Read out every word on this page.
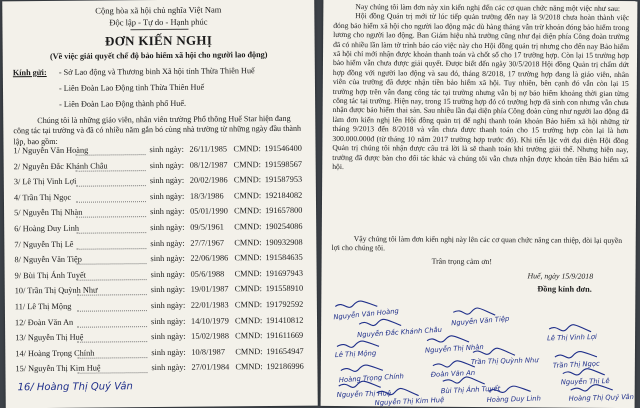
Cộng hòa xã hội chủ nghĩa Việt Nam
Độc lập - Tự do - Hạnh phúc
ĐƠN KIẾN NGHỊ
(Về việc giải quyết chế độ bảo hiểm xã hội cho người lao động)
Kính gửi: - Sở Lao động và Thương binh Xã hội tỉnh Thừa Thiên Huế
- Liên Đoàn Lao Động tỉnh Thừa Thiên Huế
- Liên Đoàn Lao Động thành phố Huế.
Chúng tôi là những giáo viên, nhân viên trường Phổ thông Huế Star hiện đang công tác tại trường và đã có nhiều năm gắn bó cùng nhà trường từ những ngày đầu thành lập, bao gồm:
1/ Nguyễn Văn Hoàng	sinh ngày: 26/11/1985 CMND: 191546400
2/ Nguyễn Đắc Khánh Châu	sinh ngày: 08/12/1987 CMND: 191598567
3/ Lê Thị Vinh Lợi	sinh ngày: 20/02/1986 CMND: 191587953
4/ Trần Thị Ngọc	sinh ngày: 18/3/1986 CMND: 192184082
5/ Nguyễn Thị Nhàn	sinh ngày: 05/01/1990 CMND: 191657800
6/ Hoàng Duy Linh	sinh ngày: 09/5/1961 CMND: 190254086
7/ Nguyễn Thị Lê	sinh ngày: 27/7/1967 CMND: 190932908
8/ Nguyễn Văn Tiệp	sinh ngày: 22/06/1986 CMND: 191584635
9/ Bùi Thị Ánh Tuyết	sinh ngày: 05/6/1988 CMND: 191697943
10/ Trần Thị Quỳnh Như	sinh ngày: 19/01/1987 CMND: 191558910
11/ Lê Thị Mộng	sinh ngày: 22/01/1983 CMND: 191792592
12/ Đoàn Văn An	sinh ngày: 14/10/1979 CMND: 191410812
13/ Nguyễn Thị Huệ	sinh ngày: 15/02/1988 CMND: 191611669
14/ Hoàng Trọng Chính	sinh ngày: 10/8/1987 CMND: 191654947
15/ Nguyễn Thị Kim Huệ	sinh ngày: 27/01/1984 CMND: 192186996
16/ Hoàng Thị Quý Vân

Nay chúng tôi làm đơn này xin kiến nghị đến các cơ quan chức năng một việc như sau:

Hội đồng Quản trị mới từ lúc tiếp quản trường đến nay là 9/2018 chưa hoàn thành việc đóng bảo hiểm xã hội cho người lao động mặc dù hàng tháng vẫn trừ khoản đóng bảo hiểm trong lương cho người lao động. Ban Giám hiệu nhà trường cũng như đại diện phía Công đoàn trường đã có nhiều lần làm tờ trình báo cáo việc này cho Hội đồng quản trị nhưng cho đến nay Bảo hiểm xã hội chỉ mới nhận được khoản thanh toán và chốt sổ cho 17 trường hợp. Còn lại 15 trường hợp bảo hiểm vẫn chưa được giải quyết. Được biết đến ngày 30/5/2018 Hội đồng Quản trị chấm dứt hợp đồng với người lao động và sau đó, tháng 8/2018, 17 trường hợp đang là giáo viên, nhân viên của trường đã được nhận tiền bảo hiểm xã hội. Tuy nhiên, bên cạnh đó vẫn còn lại 15 trường hợp trên vẫn đang công tác tại trường nhưng vẫn bị nợ bảo hiểm khoảng thời gian từng công tác tại trường. Hiện nay, trong 15 trường hợp đó có trường hợp đã sinh con nhưng vẫn chưa nhận được bảo hiểm thai sản. Sau nhiều lần đại diện phía Công đoàn cùng như người lao động đã làm đơn kiến nghị lên Hội đồng quản trị để nghị thanh toán khoản Bảo hiểm xã hội những từ tháng 9/2013 đến 8/2018 và vẫn chưa được thanh toán cho 15 trường hợp còn lại là hơn 300.000.000đ (từ tháng 10 năm 2017 trường hợp trước đó). Khi tiến lặc với đại diện Hội đồng Quản trị chúng tôi nhận được câu trả lời là sẽ thanh toán khi trường giải thể. Nhưng hiện nay, trường đã được bàn cho đối tác khác và chúng tôi vẫn chưa nhận được khoản tiền Bảo hiểm xã hội.

Vậy chúng tôi làm đơn kiến nghị này lên các cơ quan chức năng can thiệp, đòi lại quyền lợi cho chúng tôi.
Trân trọng cảm ơn!
Huế, ngày 15/9/2018
Đồng kính đơn.
Nguyễn Văn Hoàng
Nguyễn Đắc Khánh Châu
Nguyễn Văn Tiệp
Lê Thị Mộng	Nguyễn Thị Nhàn
Lê Thị Vinh Lợi
Hoàng Trọng Chính	Đoàn Văn An
Trần Thị Quỳnh Như Trần Thị Ngọc
Nguyễn Thị Huệ	Bùi Thị Ánh Tuyết
Hoàng Duy Linh
Nguyễn Thị Lê
Nguyễn Thị Kim Huệ	Hoàng Thị Quý Vân
